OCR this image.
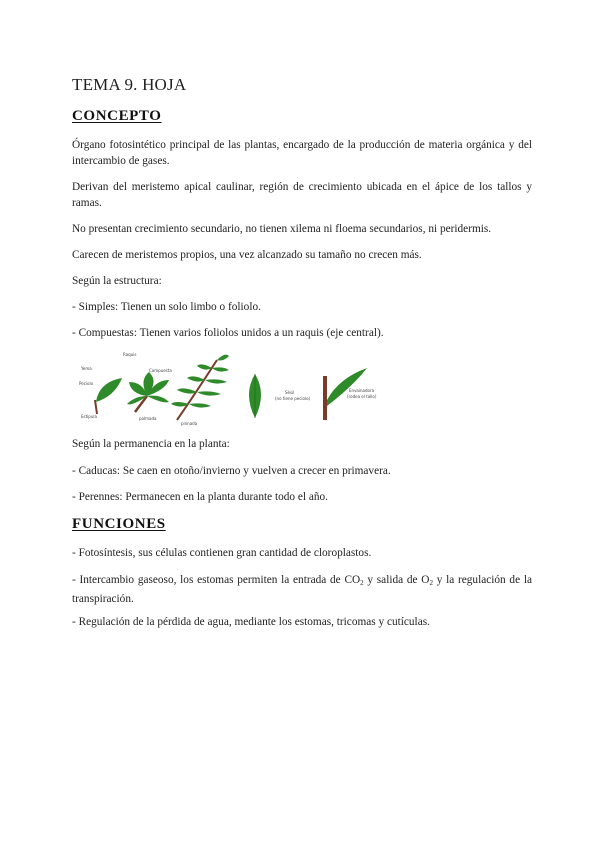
TEMA 9. HOJA
CONCEPTO
Órgano fotosintético principal de las plantas, encargado de la producción de materia orgánica y del intercambio de gases.
Derivan del meristemo apical caulinar, región de crecimiento ubicada en el ápice de los tallos y ramas.
No presentan crecimiento secundario, no tienen xilema ni floema secundarios, ni peridermis.
Carecen de meristemos propios, una vez alcanzado su tamaño no crecen más.
Según la estructura:
- Simples: Tienen un solo limbo o foliolo.
- Compuestas: Tienen varios foliolos unidos a un raquis (eje central).
Yema
Peciolo
Estipula
Raquis
palmada
Compuesta
pinnada
Sésil
(no tiene peciolo)
Envainadora
(rodea el tallo)
Según la permanencia en la planta:
- Caducas: Se caen en otoño/invierno y vuelven a crecer en primavera.
- Perennes: Permanecen en la planta durante todo el año.
FUNCIONES
- Fotosíntesis, sus células contienen gran cantidad de cloroplastos.
- Intercambio gaseoso, los estomas permiten la entrada de $CO_2$ y salida de $O_2$ y la regulación de la transpiración.
- Regulación de la pérdida de agua, mediante los estomas, tricomas y cutículas.
